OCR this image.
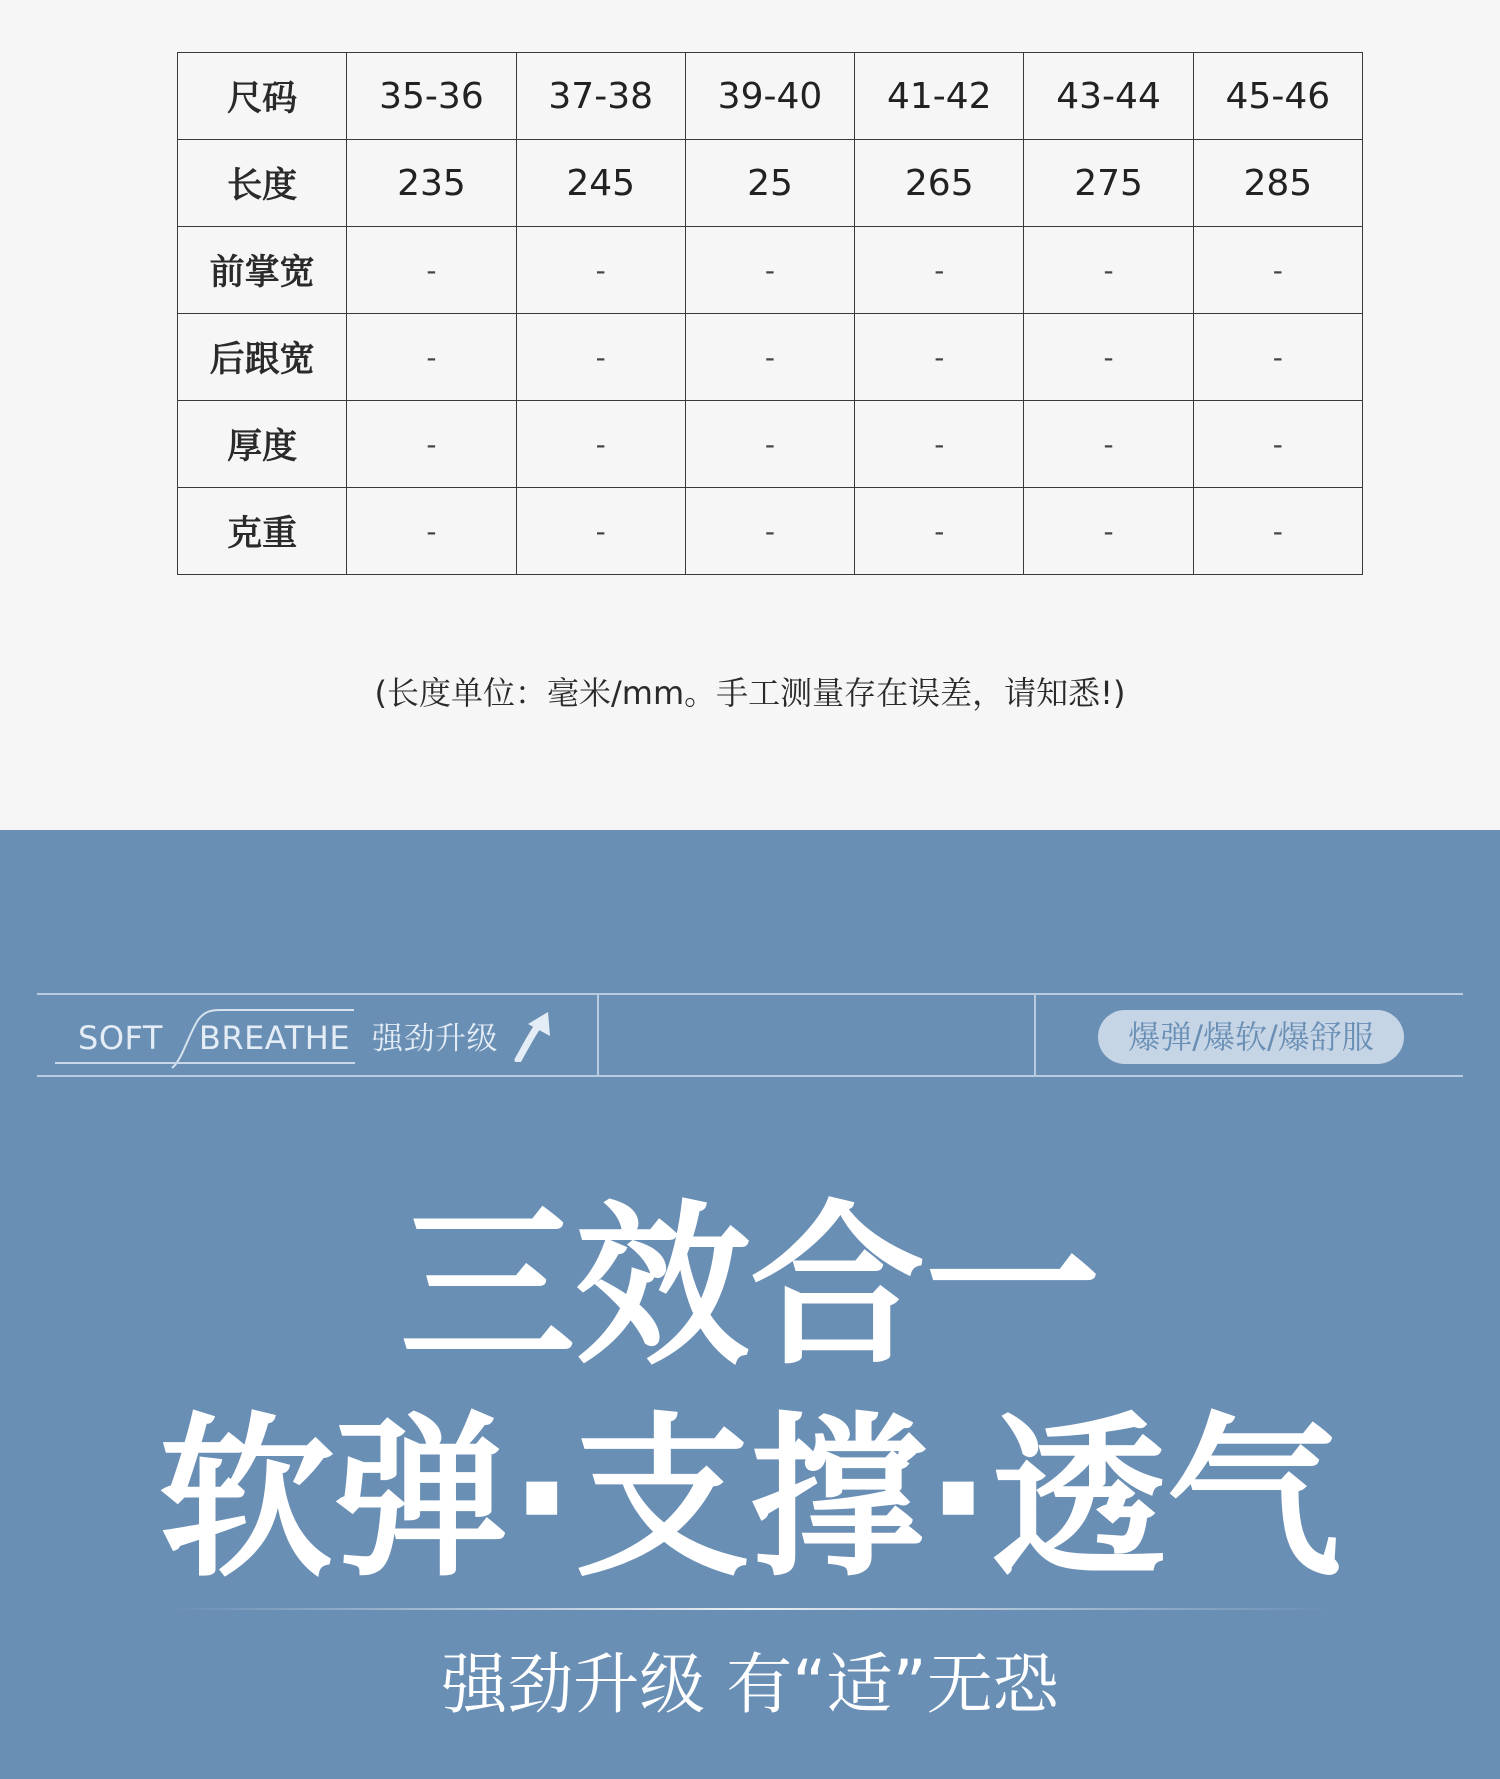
尺码	35-36	37-38	39-40	41-42	43-44	45-46
长度	235	245	25	265	275	285
前掌宽	-	-	-	-	-	-
后跟宽	-	-	-	-	-	-
厚度	-	-	-	-	-	-
克重	-	-	-	-	-	-
(长度单位：毫米/mm。手工测量存在误差，请知悉!)
SOFT BREATHE 强劲升级	爆弹/爆软/爆舒服
三效合一
软弹·支撑·透气
强劲升级 有“适”无恐
